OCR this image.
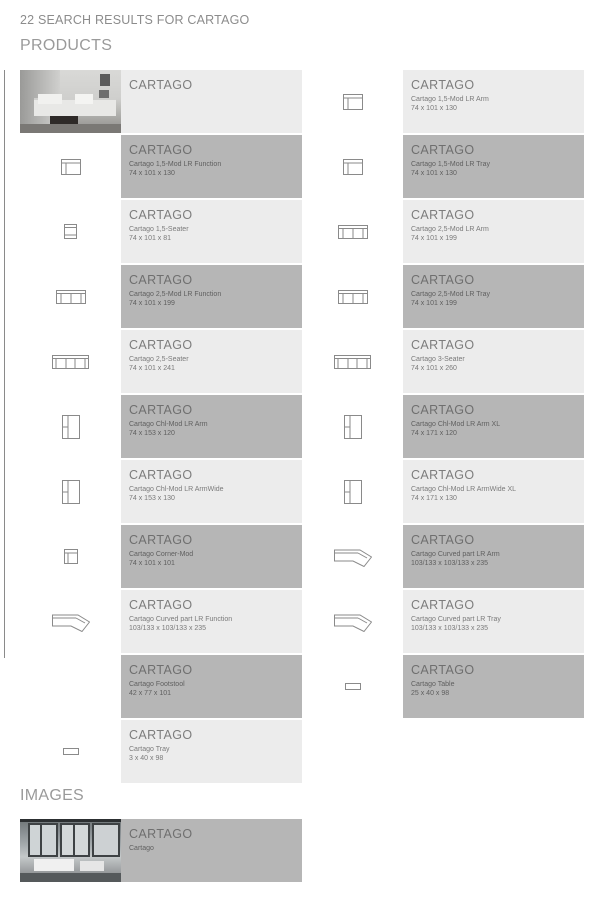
22 SEARCH RESULTS FOR CARTAGO
PRODUCTS
CARTAGO	CARTAGO
Cartago 1,5-Mod LR Arm
74 x 101 x 130
CARTAGO
Cartago 1,5-Mod LR Function
74 x 101 x 130
CARTAGO
Cartago 1,5-Mod LR Tray
74 x 101 x 130
CARTAGO
Cartago 1,5-Seater
74 x 101 x 81
CARTAGO
Cartago 2,5-Mod LR Arm
74 x 101 x 199
CARTAGO
Cartago 2,5-Mod LR Function
74 x 101 x 199
CARTAGO
Cartago 2,5-Mod LR Tray
74 x 101 x 199
CARTAGO
Cartago 2,5-Seater
74 x 101 x 241
CARTAGO
Cartago 3-Seater
74 x 101 x 260
CARTAGO
Cartago Chl-Mod LR Arm
74 x 153 x 120
CARTAGO
Cartago Chl-Mod LR Arm XL
74 x 171 x 120
CARTAGO
Cartago Chl-Mod LR ArmWide
74 x 153 x 130
CARTAGO
Cartago Chl-Mod LR ArmWide XL
74 x 171 x 130
CARTAGO
Cartago Corner-Mod
74 x 101 x 101
CARTAGO
Cartago Curved part LR Arm
103/133 x 103/133 x 235
CARTAGO
Cartago Curved part LR Function
103/133 x 103/133 x 235
CARTAGO
Cartago Curved part LR Tray
103/133 x 103/133 x 235
CARTAGO
Cartago Footstool
42 x 77 x 101
CARTAGO
Cartago Table
25 x 40 x 98
CARTAGO
Cartago Tray
3 x 40 x 98
IMAGES
CARTAGO
Cartago
